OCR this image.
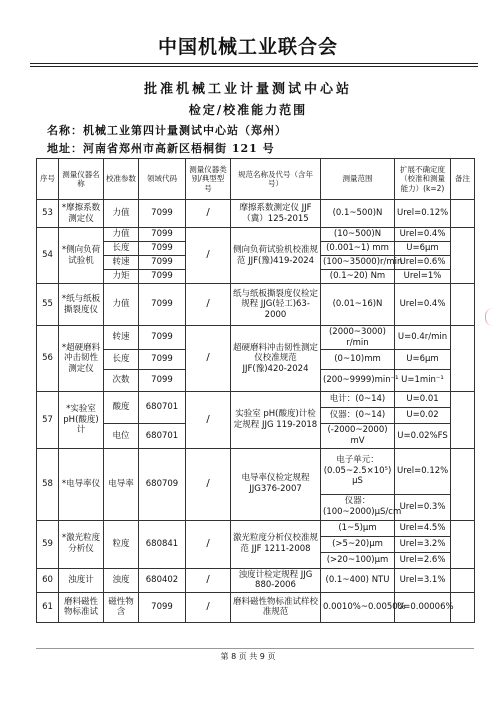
中国机械工业联合会
批准机械工业计量测试中心站
检定/校准能力范围
名称：机械工业第四计量测试中心站（郑州）
地址：河南省郑州市高新区梧桐街 121 号
序号	测量仪器名称	校准参数	领域代码	测量仪器类别/典型型号	规范名称及代号（含年号）	测量范围	扩展不确定度（校准和测量能力）(k=2)	备注
53	*摩擦系数测定仪	力值	7099	/	摩擦系数测定仪 JJF（冀）125-2015	(0.1~500)N	Urel=0.12%	
54	*侧向负荷试验机	力值	7099	/	侧向负荷试验机校准规范 JJF(豫)419-2024	(10~500)N	Urel=0.4%	
		长度	7099			(0.001~1) mm	U=6μm	
		转速	7099			(100~35000)r/min	Urel=0.6%	
		力矩	7099			(0.1~20) Nm	Urel=1%	
55	*纸与纸板撕裂度仪	力值	7099	/	纸与纸板撕裂度仪检定规程 JJG(轻工)63-2000	(0.01~16)N	Urel=0.4%	
56	*超硬磨料冲击韧性测定仪	转速	7099	/	超硬磨料冲击韧性测定仪校准规范 JJF(豫)420-2024	(2000~3000) r/min	U=0.4r/min	
		长度	7099			(0~10)mm	U=6μm	
		次数	7099			(200~9999)min⁻¹	U=1min⁻¹	
57	*实验室pH(酸度)计	酸度	680701	/	实验室 pH(酸度)计检定规程 JJG 119-2018	电计：(0~14)	U=0.01	
						仪器：(0~14)	U=0.02	
		电位	680701			(-2000~2000) mV	U=0.02%FS	
58	*电导率仪	电导率	680709	/	电导率仪检定规程 JJG376-2007	电子单元：(0.05~2.5×10⁵) μS	Urel=0.12%	
						仪器：(100~2000)μS/cm	Urel=0.3%	
59	*激光粒度分析仪	粒度	680841	/	激光粒度分析仪校准规范 JJF 1211-2008	(1~5)μm	Urel=4.5%	
						(>5~20)μm	Urel=3.2%	
						(>20~100)μm	Urel=2.6%	
60	浊度计	浊度	680402	/	浊度计检定规程 JJG 880-2006	(0.1~400) NTU	Urel=3.1%	
61	磨料磁性物标准试	磁性物含	7099	/	磨料磁性物标准试样校准规范	0.0010%~0.0050%	U=0.00006%	
第 8 页 共 9 页
